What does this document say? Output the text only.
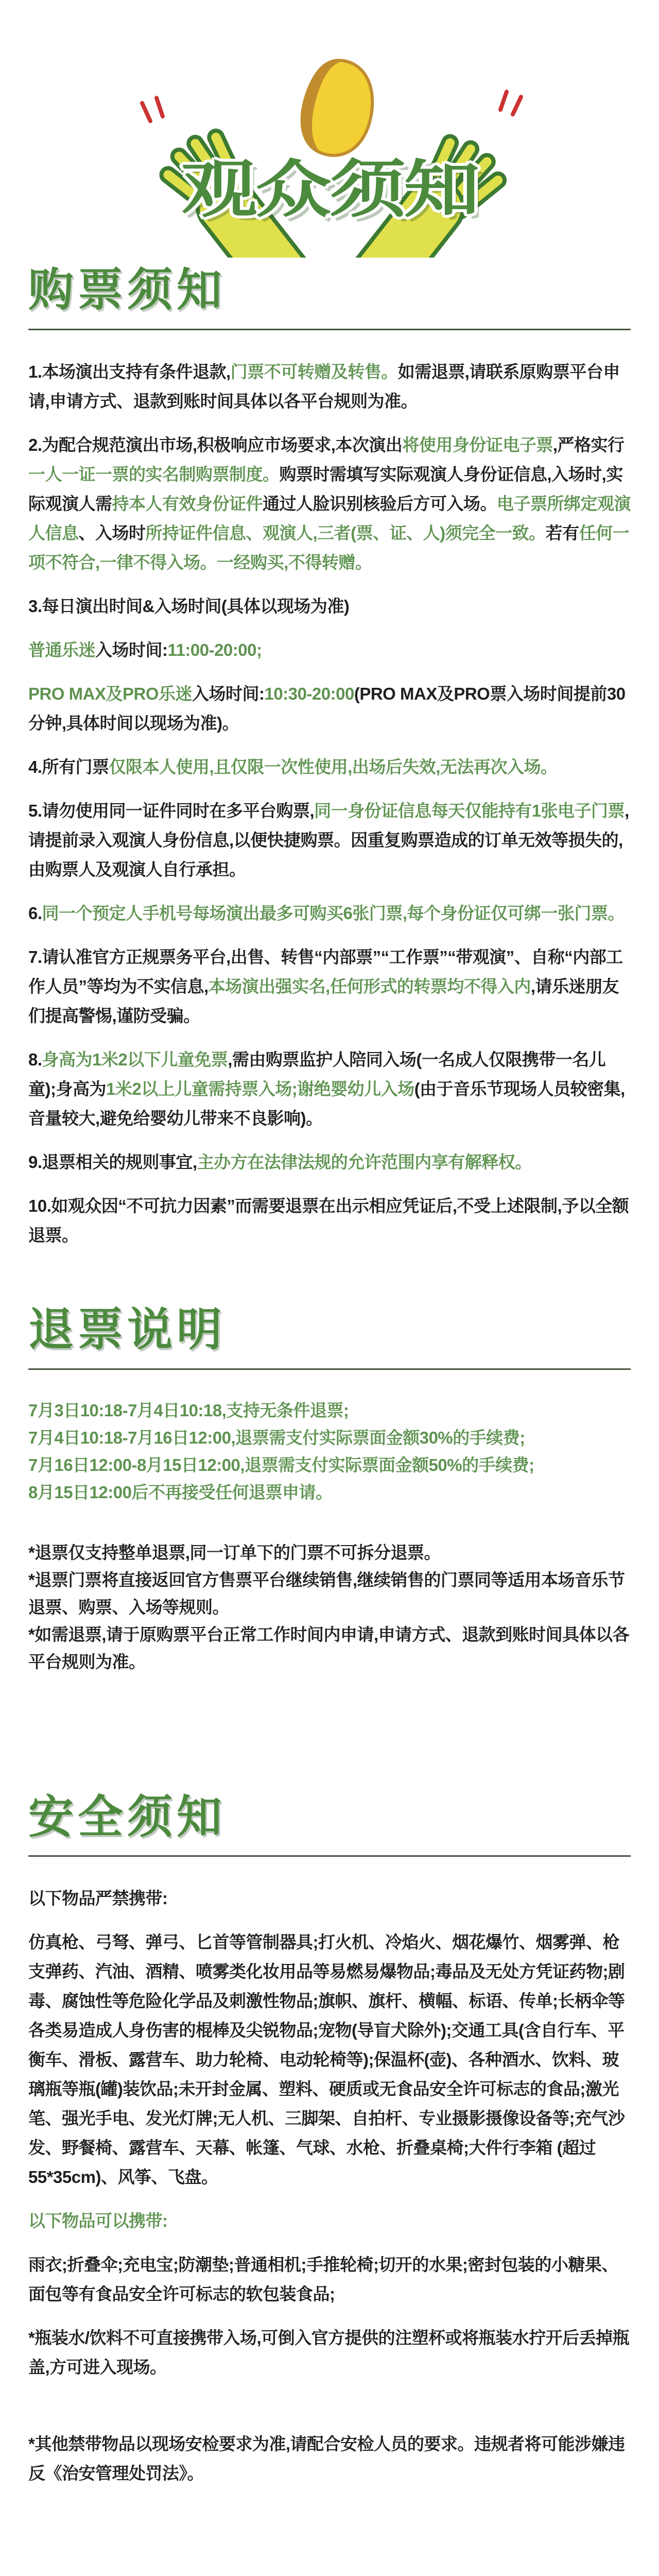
观众须知
购票须知

1.本场演出支持有条件退款,门票不可转赠及转售。如需退票,请联系原购票平台申请,申请方式、退款到账时间具体以各平台规则为准。

2.为配合规范演出市场,积极响应市场要求,本次演出将使用身份证电子票,严格实行一人一证一票的实名制购票制度。购票时需填写实际观演人身份证信息,入场时,实际观演人需持本人有效身份证件通过人脸识别核验后方可入场。电子票所绑定观演人信息、入场时所持证件信息、观演人,三者(票、证、人)须完全一致。若有任何一项不符合,一律不得入场。一经购买,不得转赠。

3.每日演出时间&入场时间(具体以现场为准)

普通乐迷入场时间:11:00-20:00;

PRO MAX及PRO乐迷入场时间:10:30-20:00(PRO MAX及PRO票入场时间提前30分钟,具体时间以现场为准)。

4.所有门票仅限本人使用,且仅限一次性使用,出场后失效,无法再次入场。

5.请勿使用同一证件同时在多平台购票,同一身份证信息每天仅能持有1张电子门票,请提前录入观演人身份信息,以便快捷购票。因重复购票造成的订单无效等损失的,由购票人及观演人自行承担。

6.同一个预定人手机号每场演出最多可购买6张门票,每个身份证仅可绑一张门票。

7.请认准官方正规票务平台,出售、转售“内部票”“工作票”“带观演”、自称“内部工作人员”等均为不实信息,本场演出强实名,任何形式的转票均不得入内,请乐迷朋友们提高警惕,谨防受骗。

8.身高为1米2以下儿童免票,需由购票监护人陪同入场(一名成人仅限携带一名儿童);身高为1米2以上儿童需持票入场;谢绝婴幼儿入场(由于音乐节现场人员较密集,音量较大,避免给婴幼儿带来不良影响)。

9.退票相关的规则事宜,主办方在法律法规的允许范围内享有解释权。

10.如观众因“不可抗力因素”而需要退票在出示相应凭证后,不受上述限制,予以全额退票。

退票说明

7月3日10:18-7月4日10:18,支持无条件退票;

7月4日10:18-7月16日12:00,退票需支付实际票面金额30%的手续费;

7月16日12:00-8月15日12:00,退票需支付实际票面金额50%的手续费;

8月15日12:00后不再接受任何退票申请。

*退票仅支持整单退票,同一订单下的门票不可拆分退票。

*退票门票将直接返回官方售票平台继续销售,继续销售的门票同等适用本场音乐节退票、购票、入场等规则。

*如需退票,请于原购票平台正常工作时间内申请,申请方式、退款到账时间具体以各平台规则为准。

安全须知

以下物品严禁携带:

仿真枪、弓弩、弹弓、匕首等管制器具;打火机、冷焰火、烟花爆竹、烟雾弹、枪支弹药、汽油、酒精、喷雾类化妆用品等易燃易爆物品;毒品及无处方凭证药物;剧毒、腐蚀性等危险化学品及刺激性物品;旗帜、旗杆、横幅、标语、传单;长柄伞等各类易造成人身伤害的棍棒及尖锐物品;宠物(导盲犬除外);交通工具(含自行车、平衡车、滑板、露营车、助力轮椅、电动轮椅等);保温杯(壶)、各种酒水、饮料、玻璃瓶等瓶(罐)装饮品;未开封金属、塑料、硬质或无食品安全许可标志的食品;激光笔、强光手电、发光灯牌;无人机、三脚架、自拍杆、专业摄影摄像设备等;充气沙发、野餐椅、露营车、天幕、帐篷、气球、水枪、折叠桌椅;大件行李箱 (超过55*35cm)、风筝、飞盘。

以下物品可以携带:

雨衣;折叠伞;充电宝;防潮垫;普通相机;手推轮椅;切开的水果;密封包装的小糖果、面包等有食品安全许可标志的软包装食品;

*瓶装水/饮料不可直接携带入场,可倒入官方提供的注塑杯或将瓶装水拧开后丢掉瓶盖,方可进入现场。

*其他禁带物品以现场安检要求为准,请配合安检人员的要求。违规者将可能涉嫌违反《治安管理处罚法》。
